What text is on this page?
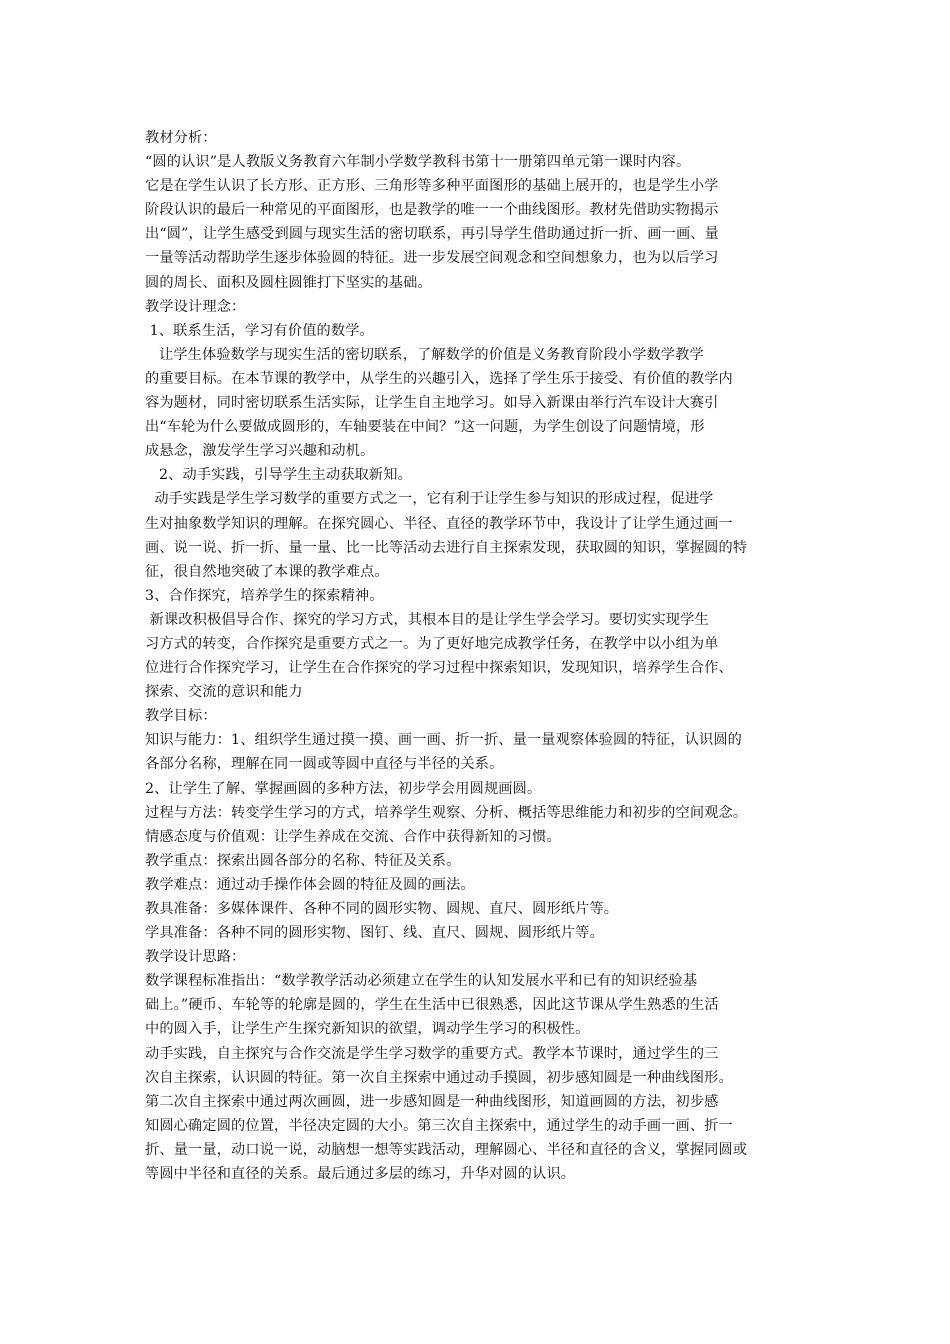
教材分析：
“圆的认识”是人教版义务教育六年制小学数学教科书第十一册第四单元第一课时内容。
它是在学生认识了长方形、正方形、三角形等多种平面图形的基础上展开的，也是学生小学
阶段认识的最后一种常见的平面图形，也是教学的唯一一个曲线图形。教材先借助实物揭示
出“圆”，让学生感受到圆与现实生活的密切联系，再引导学生借助通过折一折、画一画、量
一量等活动帮助学生逐步体验圆的特征。进一步发展空间观念和空间想象力，也为以后学习
圆的周长、面积及圆柱圆锥打下坚实的基础。
教学设计理念：
1、联系生活，学习有价值的数学。
让学生体验数学与现实生活的密切联系，了解数学的价值是义务教育阶段小学数学教学
的重要目标。在本节课的教学中，从学生的兴趣引入，选择了学生乐于接受、有价值的教学内
容为题材，同时密切联系生活实际，让学生自主地学习。如导入新课由举行汽车设计大赛引
出“车轮为什么要做成圆形的，车轴要装在中间？”这一问题，为学生创设了问题情境，形
成悬念，激发学生学习兴趣和动机。
2、动手实践，引导学生主动获取新知。
动手实践是学生学习数学的重要方式之一，它有利于让学生参与知识的形成过程，促进学
生对抽象数学知识的理解。在探究圆心、半径、直径的教学环节中，我设计了让学生通过画一
画、说一说、折一折、量一量、比一比等活动去进行自主探索发现，获取圆的知识，掌握圆的特
征，很自然地突破了本课的教学难点。
3、合作探究，培养学生的探索精神。
新课改积极倡导合作、探究的学习方式，其根本目的是让学生学会学习。要切实实现学生
习方式的转变，合作探究是重要方式之一。为了更好地完成教学任务，在教学中以小组为单
位进行合作探究学习，让学生在合作探究的学习过程中探索知识，发现知识，培养学生合作、
探索、交流的意识和能力
教学目标：
知识与能力：1、组织学生通过摸一摸、画一画、折一折、量一量观察体验圆的特征，认识圆的
各部分名称，理解在同一圆或等圆中直径与半径的关系。
2、让学生了解、掌握画圆的多种方法，初步学会用圆规画圆。
过程与方法：转变学生学习的方式，培养学生观察、分析、概括等思维能力和初步的空间观念。
情感态度与价值观：让学生养成在交流、合作中获得新知的习惯。
教学重点：探索出圆各部分的名称、特征及关系。
教学难点：通过动手操作体会圆的特征及圆的画法。
教具准备：多媒体课件、各种不同的圆形实物、圆规、直尺、圆形纸片等。
学具准备：各种不同的圆形实物、图钉、线、直尺、圆规、圆形纸片等。
教学设计思路：
数学课程标准指出：“数学教学活动必须建立在学生的认知发展水平和已有的知识经验基
础上。”硬币、车轮等的轮廓是圆的，学生在生活中已很熟悉，因此这节课从学生熟悉的生活
中的圆入手，让学生产生探究新知识的欲望，调动学生学习的积极性。
动手实践，自主探究与合作交流是学生学习数学的重要方式。教学本节课时，通过学生的三
次自主探索，认识圆的特征。第一次自主探索中通过动手摸圆，初步感知圆是一种曲线图形。
第二次自主探索中通过两次画圆，进一步感知圆是一种曲线图形，知道画圆的方法，初步感
知圆心确定圆的位置，半径决定圆的大小。第三次自主探索中，通过学生的动手画一画、折一
折、量一量，动口说一说，动脑想一想等实践活动，理解圆心、半径和直径的含义，掌握同圆或
等圆中半径和直径的关系。最后通过多层的练习，升华对圆的认识。
